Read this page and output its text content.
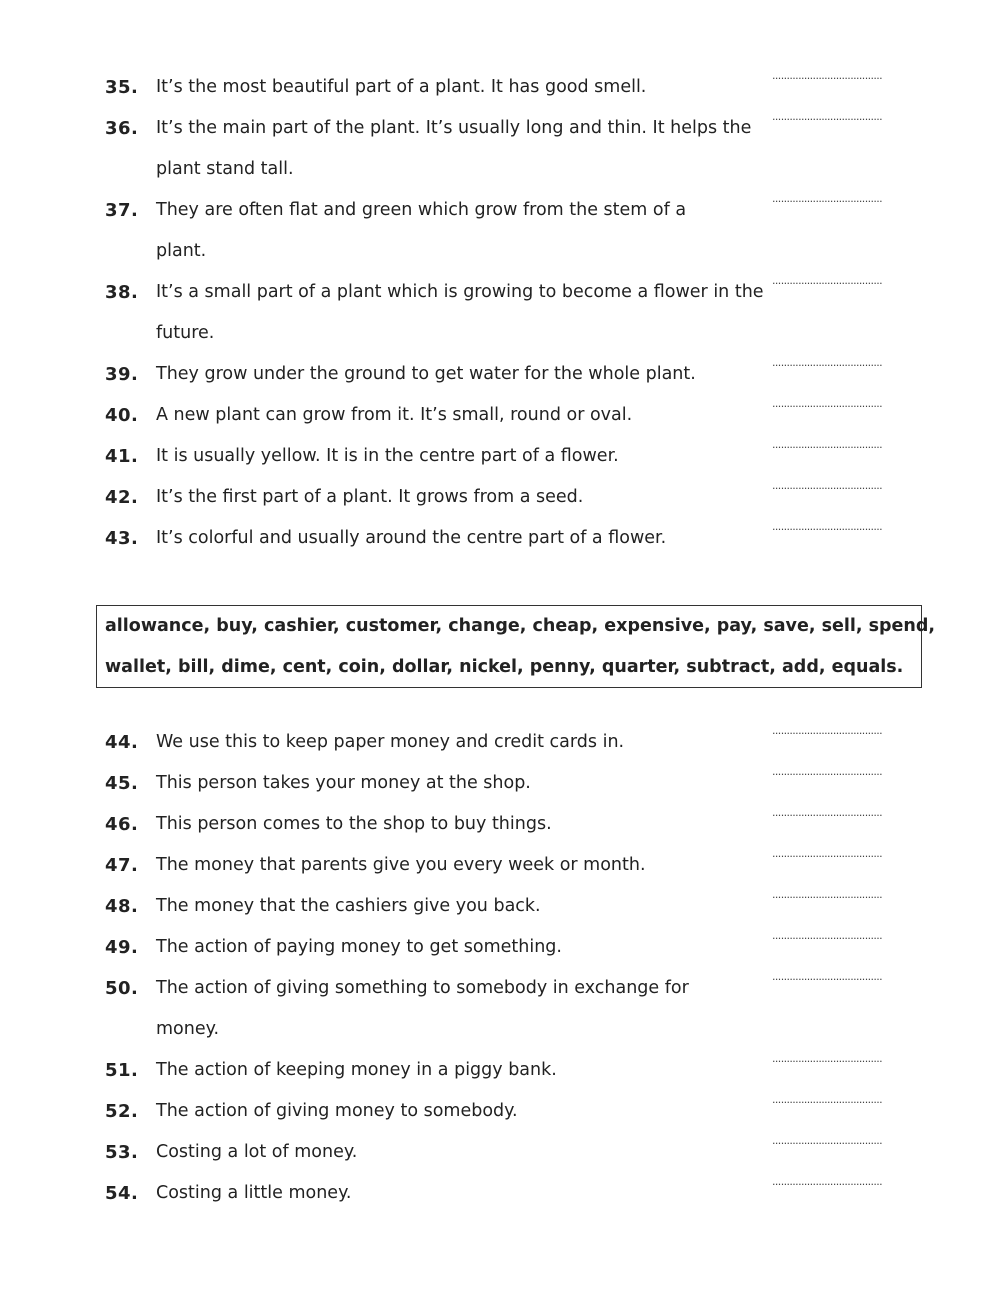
35. It’s the most beautiful part of a plant. It has good smell.
......................................
36. It’s the main part of the plant. It’s usually long and thin. It helps the plant stand tall.
......................................
37. They are often flat and green which grow from the stem of a plant.
......................................
38. It’s a small part of a plant which is growing to become a flower in the future.
......................................
39. They grow under the ground to get water for the whole plant.
......................................
40. A new plant can grow from it. It’s small, round or oval.
......................................
41. It is usually yellow. It is in the centre part of a flower.
......................................
42. It’s the first part of a plant. It grows from a seed.
......................................
43. It’s colorful and usually around the centre part of a flower.
......................................

allowance, buy, cashier, customer, change, cheap, expensive, pay, save, sell, spend,

wallet, bill, dime, cent, coin, dollar, nickel, penny, quarter, subtract, add, equals.

44. We use this to keep paper money and credit cards in.
......................................
45. This person takes your money at the shop.
......................................
46. This person comes to the shop to buy things.
......................................
47. The money that parents give you every week or month.
......................................
48. The money that the cashiers give you back.
......................................
49. The action of paying money to get something.
......................................
50. The action of giving something to somebody in exchange for money.
......................................
51. The action of keeping money in a piggy bank.
......................................
52. The action of giving money to somebody.
......................................
53. Costing a lot of money.
......................................
54. Costing a little money.
......................................
